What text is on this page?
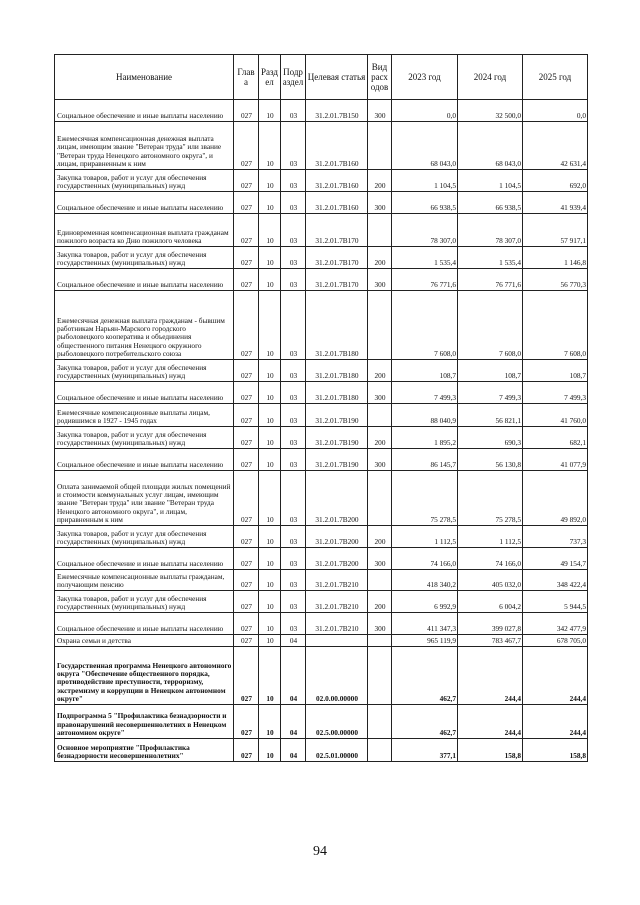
Наименование	Глав а	Разд ел	Подр аздел	Целевая статья	Вид расх одов	2023 год	2024 год	2025 год
Социальное обеспечение и иные выплаты населению	027	10	03	31.2.01.7В150	300	0,0	32 500,0	0,0
Ежемесячная компенсационная денежная выплата лицам, имеющим звание "Ветеран труда" или звание "Ветеран труда Ненецкого автономного округа", и лицам, приравненным к ним	027	10	03	31.2.01.7В160		68 043,0	68 043,0	42 631,4
Закупка товаров, работ и услуг для обеспечения государственных (муниципальных) нужд	027	10	03	31.2.01.7В160	200	1 104,5	1 104,5	692,0
Социальное обеспечение и иные выплаты населению	027	10	03	31.2.01.7В160	300	66 938,5	66 938,5	41 939,4
Единовременная компенсационная выплата гражданам пожилого возраста ко Дню пожилого человека	027	10	03	31.2.01.7В170		78 307,0	78 307,0	57 917,1
Закупка товаров, работ и услуг для обеспечения государственных (муниципальных) нужд	027	10	03	31.2.01.7В170	200	1 535,4	1 535,4	1 146,8
Социальное обеспечение и иные выплаты населению	027	10	03	31.2.01.7В170	300	76 771,6	76 771,6	56 770,3
Ежемесячная денежная выплата гражданам - бывшим работникам Нарьян-Марского городского рыболовецкого кооператива и объединения общественного питания Ненецкого окружного рыболовецкого потребительского союза	027	10	03	31.2.01.7В180		7 608,0	7 608,0	7 608,0
Закупка товаров, работ и услуг для обеспечения государственных (муниципальных) нужд	027	10	03	31.2.01.7В180	200	108,7	108,7	108,7
Социальное обеспечение и иные выплаты населению	027	10	03	31.2.01.7В180	300	7 499,3	7 499,3	7 499,3
Ежемесячные компенсационные выплаты лицам, родившимся в 1927 - 1945 годах	027	10	03	31.2.01.7В190		88 040,9	56 821,1	41 760,0
Закупка товаров, работ и услуг для обеспечения государственных (муниципальных) нужд	027	10	03	31.2.01.7В190	200	1 895,2	690,3	682,1
Социальное обеспечение и иные выплаты населению	027	10	03	31.2.01.7В190	300	86 145,7	56 130,8	41 077,9
Оплата занимаемой общей площади жилых помещений и стоимости коммунальных услуг лицам, имеющим звание "Ветеран труда" или звание "Ветеран труда Ненецкого автономного округа", и лицам, приравненным к ним	027	10	03	31.2.01.7В200		75 278,5	75 278,5	49 892,0
Закупка товаров, работ и услуг для обеспечения государственных (муниципальных) нужд	027	10	03	31.2.01.7В200	200	1 112,5	1 112,5	737,3
Социальное обеспечение и иные выплаты населению	027	10	03	31.2.01.7В200	300	74 166,0	74 166,0	49 154,7
Ежемесячные компенсационные выплаты гражданам, получающим пенсию	027	10	03	31.2.01.7В210		418 340,2	405 032,0	348 422,4
Закупка товаров, работ и услуг для обеспечения государственных (муниципальных) нужд	027	10	03	31.2.01.7В210	200	6 992,9	6 004,2	5 944,5
Социальное обеспечение и иные выплаты населению	027	10	03	31.2.01.7В210	300	411 347,3	399 027,8	342 477,9
Охрана семьи и детства	027	10	04			965 119,9	783 467,7	678 705,0
Государственная программа Ненецкого автономного округа "Обеспечение общественного порядка, противодействие преступности, терроризму, экстремизму и коррупции в Ненецком автономном округе"	027	10	04	02.0.00.00000		462,7	244,4	244,4
Подпрограмма 5 "Профилактика безнадзорности и правонарушений несовершеннолетних в Ненецком автономном округе"	027	10	04	02.5.00.00000		462,7	244,4	244,4
Основное мероприятие "Профилактика безнадзорности несовершеннолетних"	027	10	04	02.5.01.00000		377,1	158,8	158,8
94
